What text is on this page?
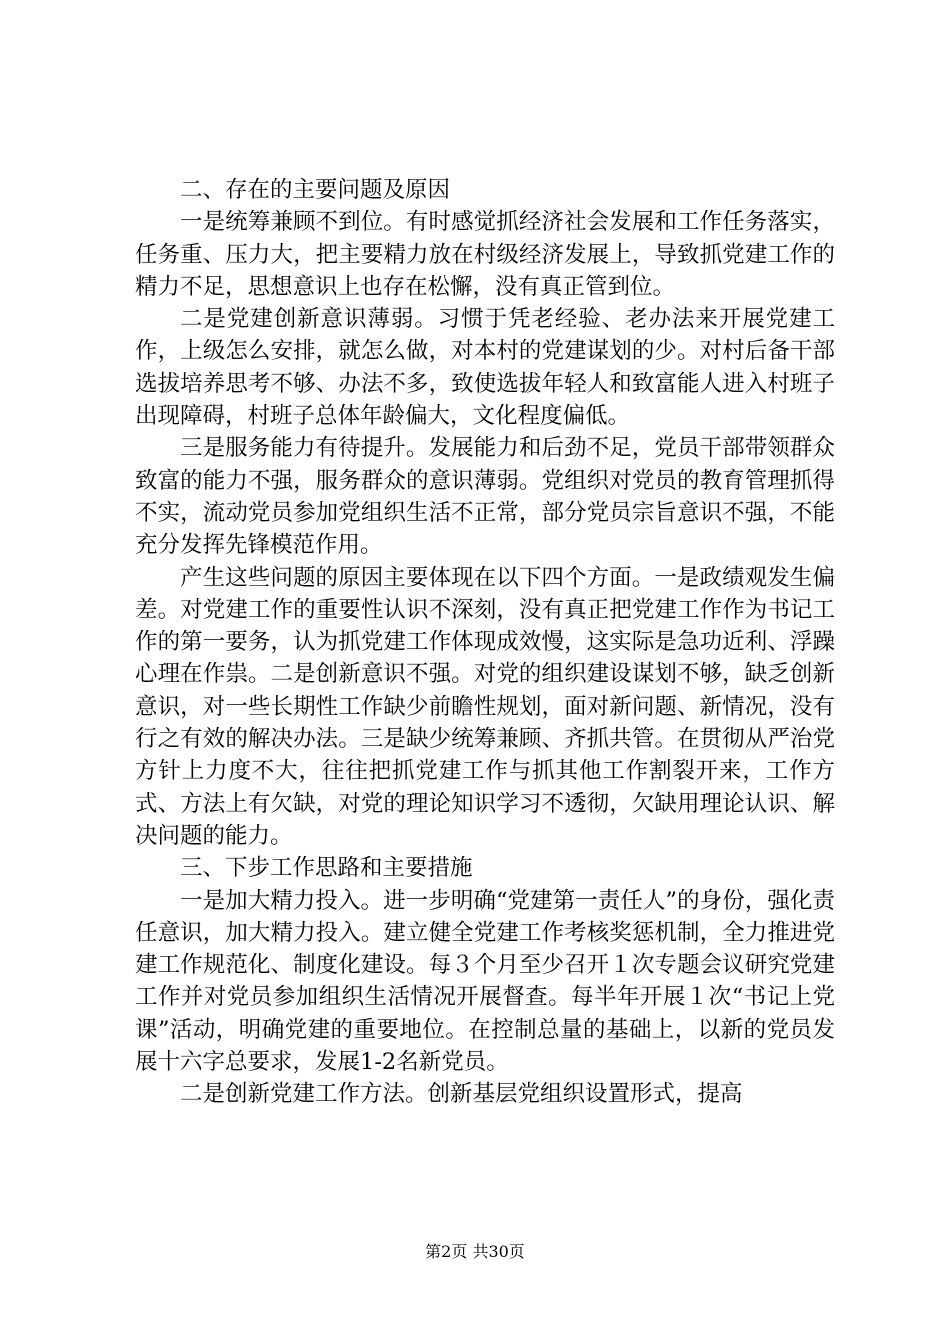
二、存在的主要问题及原因

一是统筹兼顾不到位。有时感觉抓经济社会发展和工作任务落实，任务重、压力大，把主要精力放在村级经济发展上，导致抓党建工作的精力不足，思想意识上也存在松懈，没有真正管到位。

二是党建创新意识薄弱。习惯于凭老经验、老办法来开展党建工作，上级怎么安排，就怎么做，对本村的党建谋划的少。对村后备干部选拔培养思考不够、办法不多，致使选拔年轻人和致富能人进入村班子出现障碍，村班子总体年龄偏大，文化程度偏低。

三是服务能力有待提升。发展能力和后劲不足，党员干部带领群众致富的能力不强，服务群众的意识薄弱。党组织对党员的教育管理抓得不实，流动党员参加党组织生活不正常，部分党员宗旨意识不强，不能充分发挥先锋模范作用。

产生这些问题的原因主要体现在以下四个方面。一是政绩观发生偏差。对党建工作的重要性认识不深刻，没有真正把党建工作作为书记工作的第一要务，认为抓党建工作体现成效慢，这实际是急功近利、浮躁心理在作祟。二是创新意识不强。对党的组织建设谋划不够，缺乏创新意识，对一些长期性工作缺少前瞻性规划，面对新问题、新情况，没有行之有效的解决办法。三是缺少统筹兼顾、齐抓共管。在贯彻从严治党方针上力度不大，往往把抓党建工作与抓其他工作割裂开来，工作方式、方法上有欠缺，对党的理论知识学习不透彻，欠缺用理论认识、解决问题的能力。

三、下步工作思路和主要措施

一是加大精力投入。进一步明确“党建第一责任人”的身份，强化责任意识，加大精力投入。建立健全党建工作考核奖惩机制，全力推进党建工作规范化、制度化建设。每３个月至少召开１次专题会议研究党建工作并对党员参加组织生活情况开展督查。每半年开展１次“书记上党课”活动，明确党建的重要地位。在控制总量的基础上，以新的党员发展十六字总要求，发展1-2名新党员。

二是创新党建工作方法。创新基层党组织设置形式，提高

第2页 共30页
